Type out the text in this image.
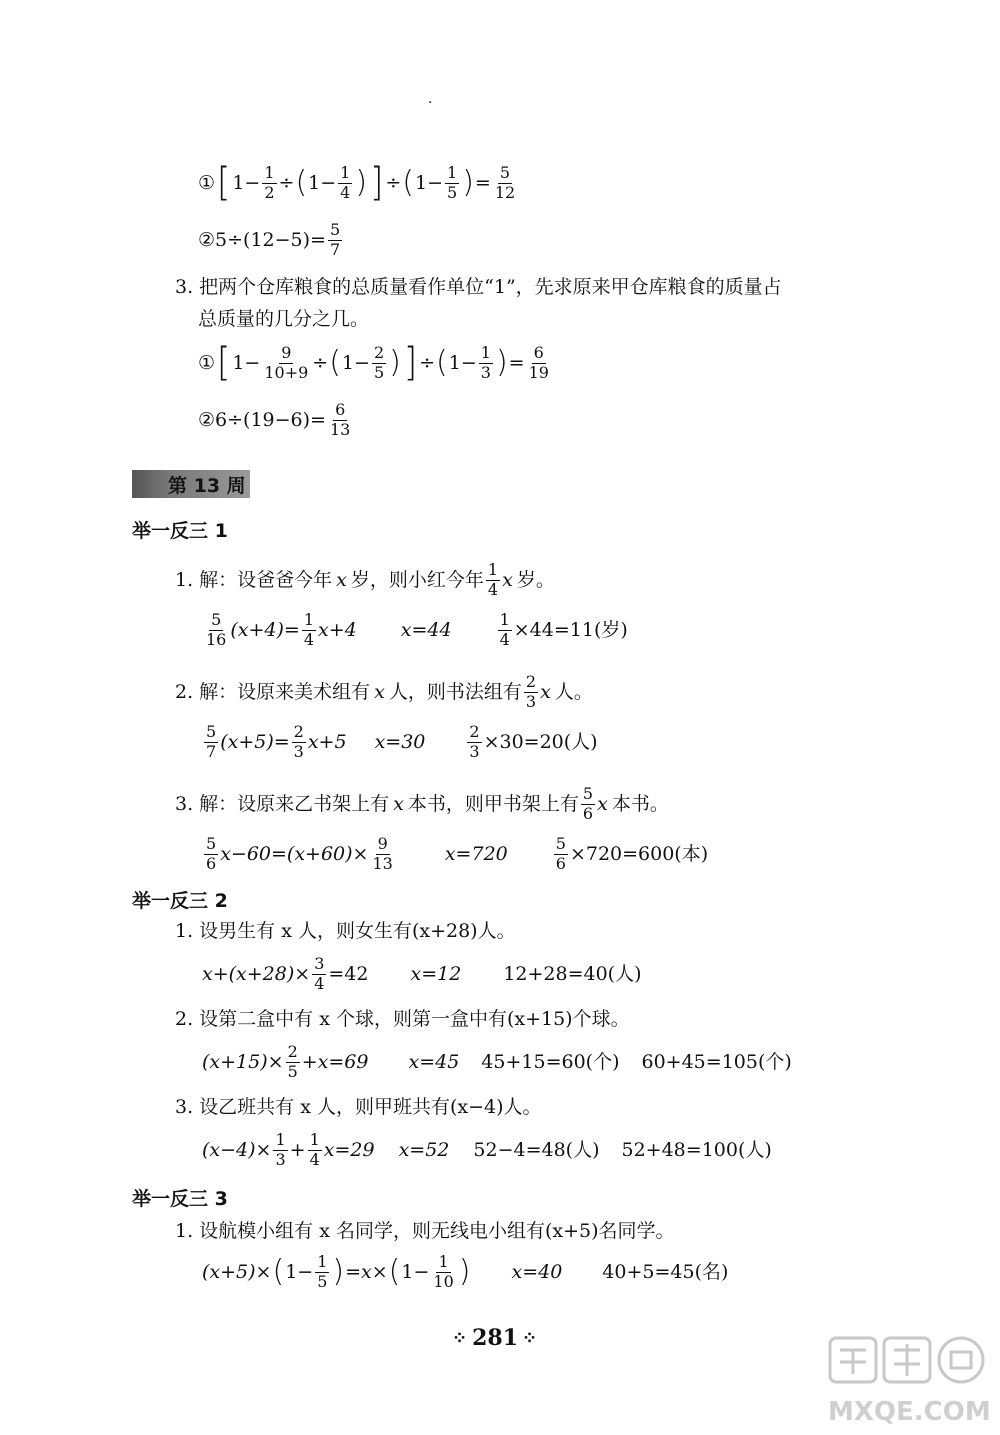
.
① [ $1- \frac{1}{2}$ ÷ ( $1- \frac{1}{4}$ ) ] ÷ ( $1- \frac{1}{5}$ ) = $\frac{5}{12}$
②5÷(12−5)= $\frac{5}{7}$
3. 把两个仓库粮食的总质量看作单位“1”，先求原来甲仓库粮食的质量占
总质量的几分之几。
① [ $1- \frac{9}{10+9}$ ÷ ( $1- \frac{2}{5}$ ) ] ÷ ( $1- \frac{1}{3}$ ) = $\frac{6}{19}$
②6÷(19−6)= $\frac{6}{13}$
第 13 周
举一反三 1
1. 解：设爸爸今年 x 岁，则小红今年 $\frac{1}{4}$ x 岁。
$\frac{5}{16} (x+4)= \frac{1}{4} x+4$ x=44	$\frac{1}{4} \times 44=11$(岁)
2. 解：设原来美术组有 x 人，则书法组有 $\frac{2}{3}$ x 人。
$\frac{5}{7} (x+5)= \frac{2}{3} x+5$ x=30	$\frac{2}{3} \times 30=20$(人)
3. 解：设原来乙书架上有 x 本书，则甲书架上有 $\frac{5}{6}$ x 本书。
$\frac{5}{6} x-60=(x+60)\times \frac{9}{13}$	x=720	$\frac{5}{6} \times 720=600$(本)
举一反三 2
1. 设男生有 x 人，则女生有(x+28)人。
$x+(x+28)\times \frac{3}{4} =42$ x=12 12+28=40(人)
2. 设第二盒中有 x 个球，则第一盒中有(x+15)个球。
$(x+15)\times \frac{2}{5} +x=69$ x=45 45+15=60(个) 60+45=105(个)
3. 设乙班共有 x 人，则甲班共有(x−4)人。
$(x-4)\times \frac{1}{3} + \frac{1}{4} x=29$ x=52 52−4=48(人) 52+48=100(人)
举一反三 3
1. 设航模小组有 x 名同学，则无线电小组有(x+5)名同学。
(x+5)× ( $1- \frac{1}{5}$ ) =x× ( $1- \frac{1}{10}$ ) x=40 40+5=45(名)
⁘ 281 ⁘
MXQE.COM
